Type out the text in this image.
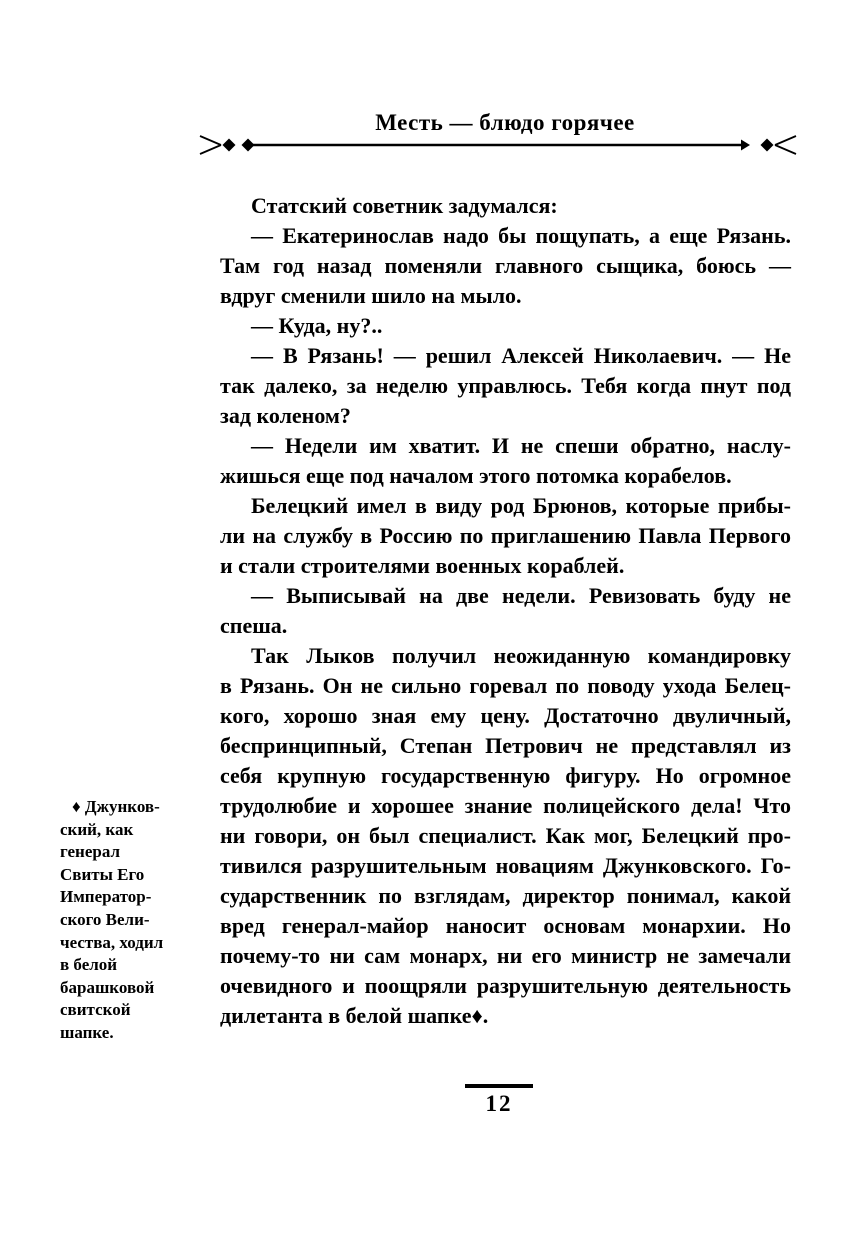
Месть — блюдо горячее
♦ Джунков-
ский, как
генерал
Свиты Его
Император-
ского Вели-
чества, ходил
в белой
барашковой
свитской
шапке.
Статский советник задумался:
— Екатеринослав надо бы пощупать, а еще Рязань.
Там год назад поменяли главного сыщика, боюсь —
вдруг сменили шило на мыло.
— Куда, ну?..
— В Рязань! — решил Алексей Николаевич. — Не
так далеко, за неделю управлюсь. Тебя когда пнут под
зад коленом?
— Недели им хватит. И не спеши обратно, наслу-
жишься еще под началом этого потомка корабелов.
Белецкий имел в виду род Брюнов, которые прибы-
ли на службу в Россию по приглашению Павла Первого
и стали строителями военных кораблей.
— Выписывай на две недели. Ревизовать буду не
спеша.
Так Лыков получил неожиданную командировку
в Рязань. Он не сильно горевал по поводу ухода Белец-
кого, хорошо зная ему цену. Достаточно двуличный,
беспринципный, Степан Петрович не представлял из
себя крупную государственную фигуру. Но огромное
трудолюбие и хорошее знание полицейского дела! Что
ни говори, он был специалист. Как мог, Белецкий про-
тивился разрушительным новациям Джунковского. Го-
сударственник по взглядам, директор понимал, какой
вред генерал-майор наносит основам монархии. Но
почему-то ни сам монарх, ни его министр не замечали
очевидного и поощряли разрушительную деятельность
дилетанта в белой шапке♦.
12
